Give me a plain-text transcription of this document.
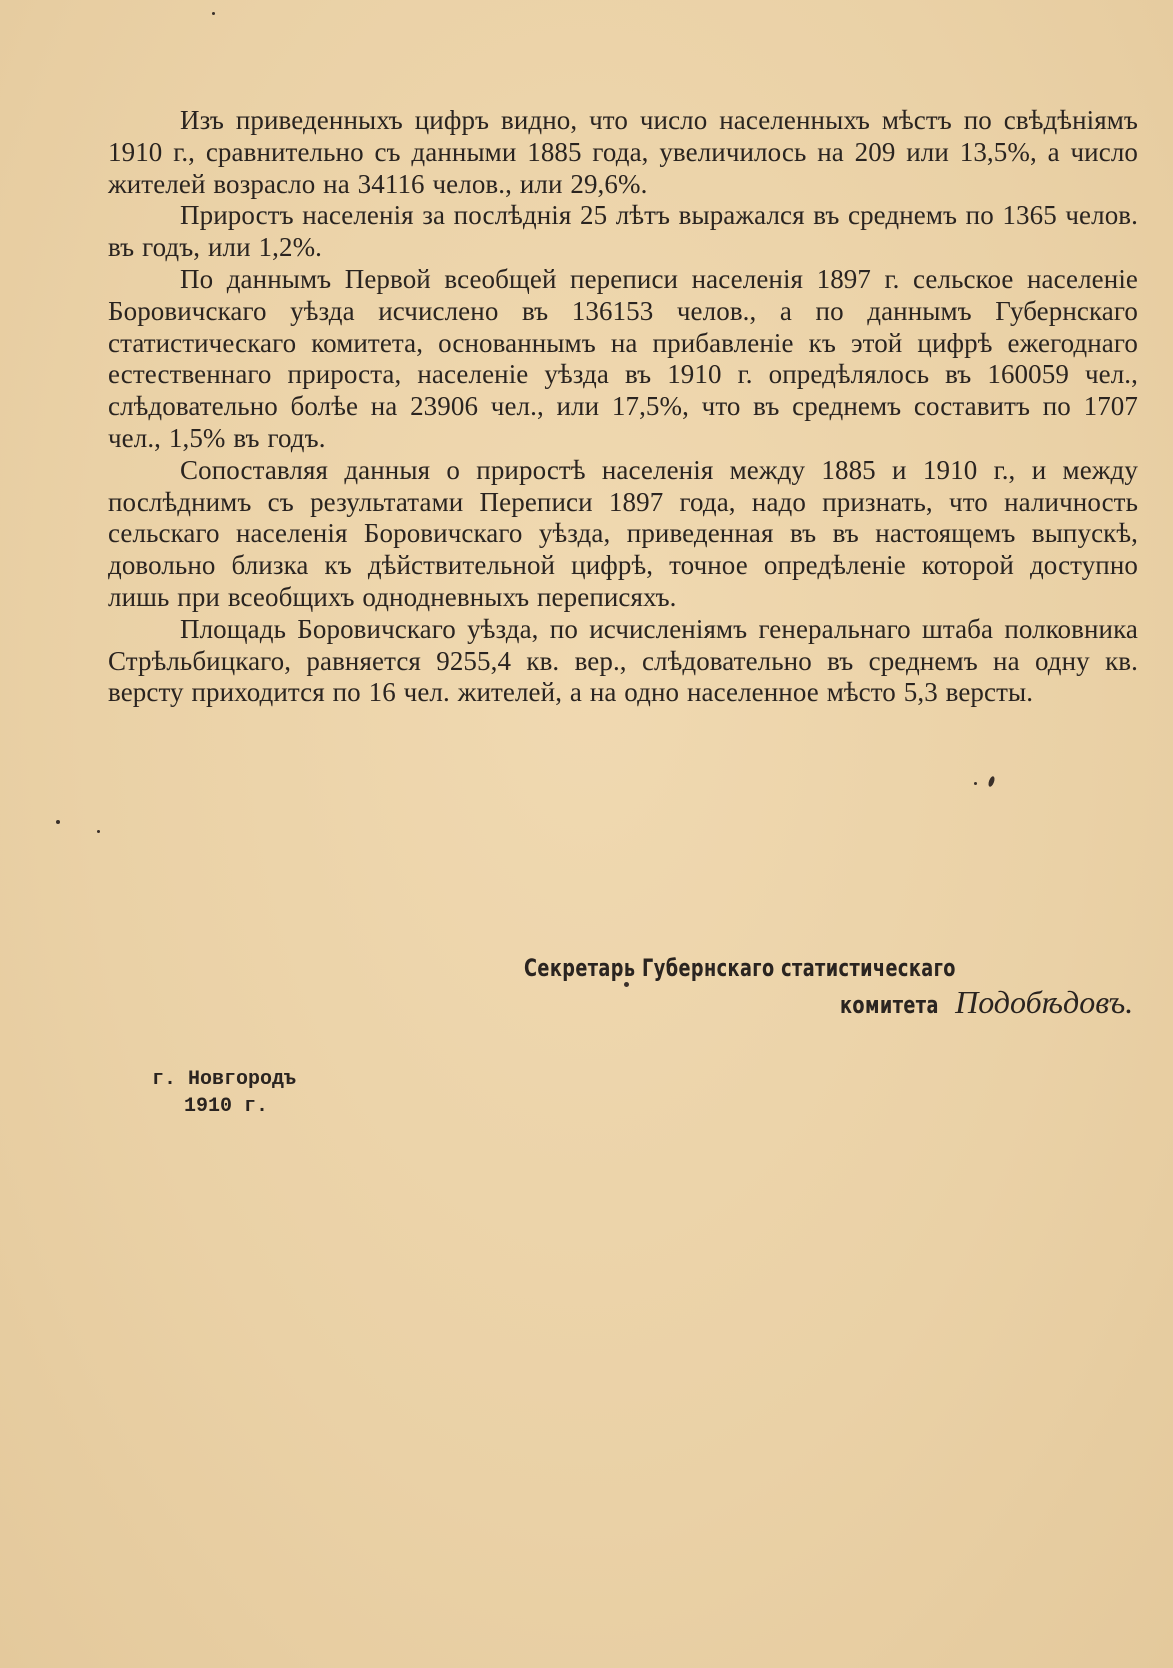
Изъ приведенныхъ цифръ видно, что число населенныхъ мѣстъ по свѣдѣніямъ 1910 г., сравнительно съ данными 1885 года, увеличилось на 209 или 13,5%, а число жителей возрасло на 34116 челов., или 29,6%.

Приростъ населенія за послѣднія 25 лѣтъ выражался въ среднемъ по 1365 челов. въ годъ, или 1,2%.

По даннымъ Первой всеобщей переписи населенія 1897 г. сельское населеніе Боровичскаго уѣзда исчислено въ 136153 челов., а по даннымъ Губернскаго статистическаго комитета, основаннымъ на прибавленіе къ этой цифрѣ ежегоднаго естественнаго прироста, населеніе уѣзда въ 1910 г. опредѣлялось въ 160059 чел., слѣдовательно болѣе на 23906 чел., или 17,5%, что въ среднемъ составитъ по 1707 чел., 1,5% въ годъ.

Сопоставляя данныя о приростѣ населенія между 1885 и 1910 г., и между послѣднимъ съ результатами Переписи 1897 года, надо признать, что наличность сельскаго населенія Боровичскаго уѣзда, приведенная въ въ настоящемъ выпускѣ, довольно близка къ дѣйствительной цифрѣ, точное опредѣленіе которой доступно лишь при всеобщихъ однодневныхъ переписяхъ.

Площадь Боровичскаго уѣзда, по исчисленіямъ генеральнаго штаба полковника Стрѣльбицкаго, равняется 9255,4 кв. вер., слѣдовательно въ среднемъ на одну кв. версту приходится по 16 чел. жителей, а на одно населенное мѣсто 5,3 версты.

Секретарь Губернскаго статистическаго
комитета Подобѣдовъ.
г. Новгородъ
1910 г.
